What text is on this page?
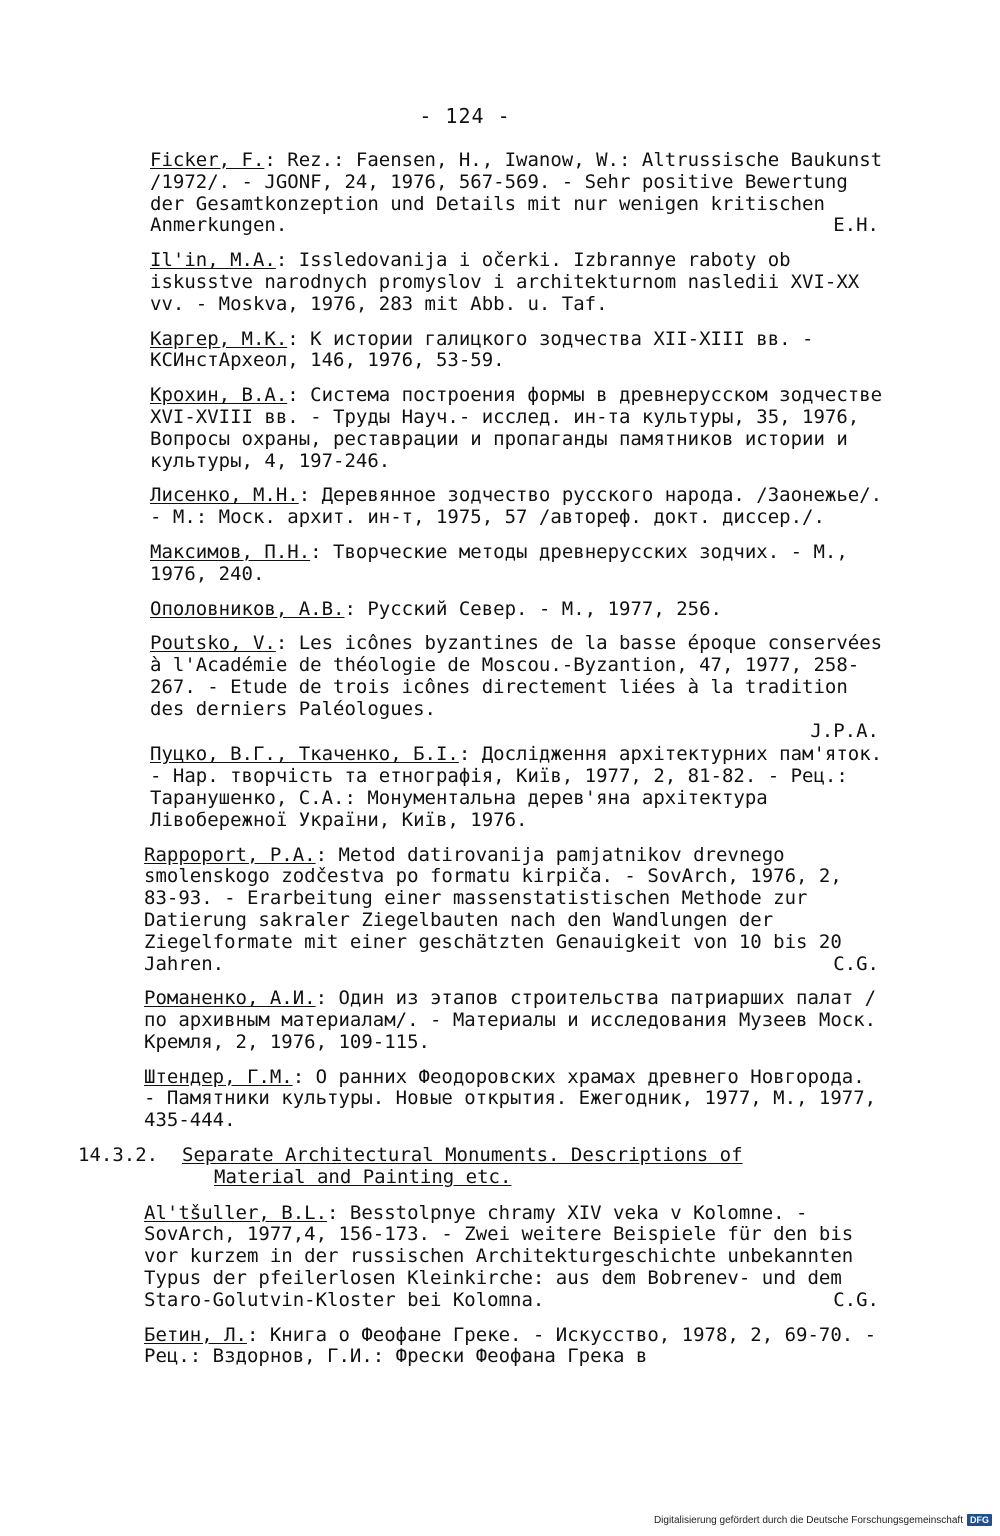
- 124 -
Ficker, F.: Rez.: Faensen, H., Iwanow, W.: Altrussische Baukunst /1972/. - JGONF, 24, 1976, 567-569. - Sehr positive Bewertung der Gesamtkonzeption und Details mit nur wenigen kritischen Anmerkungen.	E.H.
Il'in, M.A.: Issledovanija i očerki. Izbrannye raboty ob iskusstve narodnych promyslov i architekturnom nasledii XVI-XX vv. - Moskva, 1976, 283 mit Abb. u. Taf.
Каргер, М.К.: К истории галицкого зодчества XII-XIII вв. - КСИнстАрхеол, 146, 1976, 53-59.
Крохин, В.А.: Система построения формы в древнерусском зодчестве XVI-XVIII вв. - Труды Науч.- исслед. ин-та культуры, 35, 1976, Вопросы охраны, реставрации и пропаганды памятников истории и культуры, 4, 197-246.
Лисенко, М.Н.: Деревянное зодчество русского народа. /Заонежье/. - М.: Моск. архит. ин-т, 1975, 57 /автореф. докт. диссер./.
Максимов, П.Н.: Творческие методы древнерусских зодчих. - М., 1976, 240.
Ополовников, А.В.: Русский Север. - М., 1977, 256.
Poutsko, V.: Les icônes byzantines de la basse époque conservées à l'Académie de théologie de Moscou.-Byzantion, 47, 1977, 258-267. - Etude de trois icônes directement liées à la tradition des derniers Paléologues.
J.P.A.
Пуцко, В.Г., Ткаченко, Б.І.: Дослідження архітектурних пам'яток. - Нар. творчість та етнографія, Київ, 1977, 2, 81-82. - Рец.: Таранушенко, С.А.: Монументальна дерев'яна архітектура Лівобережної України, Київ, 1976.
Rappoport, P.A.: Metod datirovanija pamjatnikov drevnego smolenskogo zodčestva po formatu kirpiča. - SovArch, 1976, 2, 83-93. - Erarbeitung einer massenstatistischen Methode zur Datierung sakraler Ziegelbauten nach den Wandlungen der Ziegelformate mit einer geschätzten Genauigkeit von 10 bis 20 Jahren.	C.G.
Романенко, А.И.: Один из этапов строительства патриарших палат /по архивным материалам/. - Материалы и исследования Музеев Моск. Кремля, 2, 1976, 109-115.
Штендер, Г.М.: О ранних Феодоровских храмах древнего Новгорода. - Памятники культуры. Новые открытия. Ежегодник, 1977, М., 1977, 435-444.
14.3.2. Separate Architectural Monuments. Descriptions of
Material and Painting etc.
Al'tšuller, B.L.: Besstolpnye chramy XIV veka v Kolomne. - SovArch, 1977,4, 156-173. - Zwei weitere Beispiele für den bis vor kurzem in der russischen Architekturgeschichte unbekannten Typus der pfeilerlosen Kleinkirche: aus dem Bobrenev- und dem Staro-Golutvin-Kloster bei Kolomna.	C.G.
Бетин, Л.: Книга о Феофане Греке. - Искусство, 1978, 2, 69-70. - Рец.: Вздорнов, Г.И.: Фрески Феофана Грека в
Digitalisierung gefördert durch die Deutsche Forschungsgemeinschaft DFG
